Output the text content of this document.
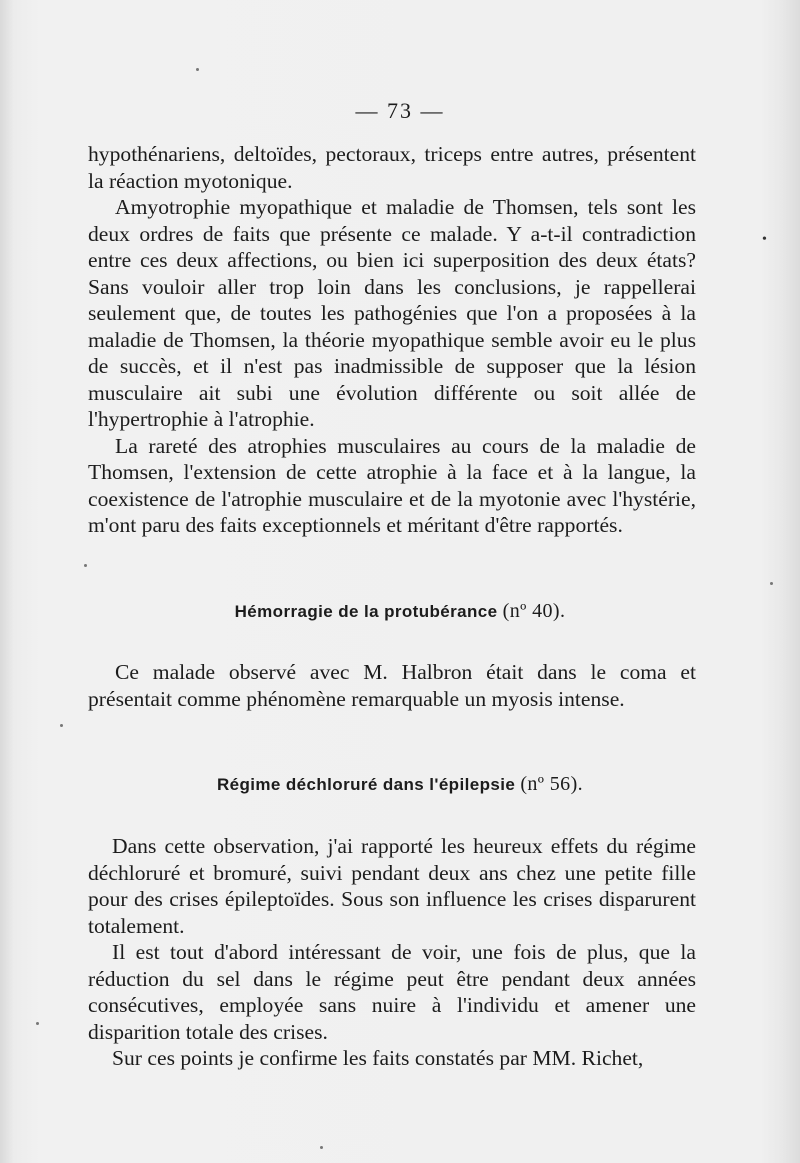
— 73 —
•

hypothénariens, deltoïdes, pectoraux, triceps entre autres, présentent la réaction myotonique.

Amyotrophie myopathique et maladie de Thomsen, tels sont les deux ordres de faits que présente ce malade. Y a-t-il contradiction entre ces deux affections, ou bien ici superposition des deux états? Sans vouloir aller trop loin dans les conclusions, je rappellerai seulement que, de toutes les pathogénies que l'on a proposées à la maladie de Thomsen, la théorie myopathique semble avoir eu le plus de succès, et il n'est pas inadmissible de supposer que la lésion musculaire ait subi une évolution différente ou soit allée de l'hypertrophie à l'atrophie.

La rareté des atrophies musculaires au cours de la maladie de Thomsen, l'extension de cette atrophie à la face et à la langue, la coexistence de l'atrophie musculaire et de la myotonie avec l'hystérie, m'ont paru des faits exceptionnels et méritant d'être rapportés.

Hémorragie de la protubérance (nº 40).

Ce malade observé avec M. Halbron était dans le coma et présentait comme phénomène remarquable un myosis intense.

Régime déchloruré dans l'épilepsie (nº 56).

Dans cette observation, j'ai rapporté les heureux effets du régime déchloruré et bromuré, suivi pendant deux ans chez une petite fille pour des crises épileptoïdes. Sous son influence les crises disparurent totalement.

Il est tout d'abord intéressant de voir, une fois de plus, que la réduction du sel dans le régime peut être pendant deux années consécutives, employée sans nuire à l'individu et amener une disparition totale des crises.

Sur ces points je confirme les faits constatés par MM. Richet,
